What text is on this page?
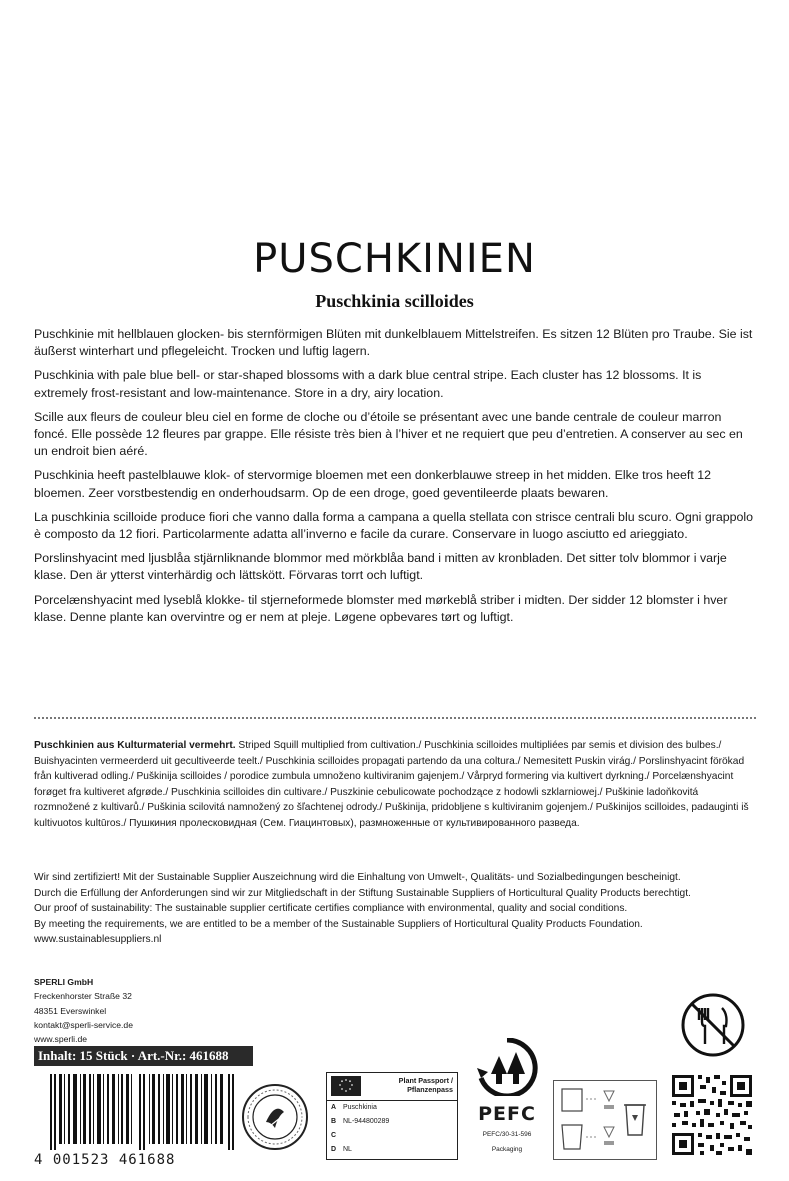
PUSCHKINIEN
Puschkinia scilloides

Puschkinie mit hellblauen glocken- bis sternförmigen Blüten mit dunkelblauem Mittelstreifen. Es sitzen 12 Blüten pro Traube. Sie ist äußerst winterhart und pflegeleicht. Trocken und luftig lagern.

Puschkinia with pale blue bell- or star-shaped blossoms with a dark blue central stripe. Each cluster has 12 blossoms. It is extremely frost-resistant and low-maintenance. Store in a dry, airy location.

Scille aux fleurs de couleur bleu ciel en forme de cloche ou d’étoile se présentant avec une bande centrale de couleur marron foncé. Elle possède 12 fleures par grappe. Elle résiste très bien à l’hiver et ne requiert que peu d’entretien. A conserver au sec en un endroit bien aéré.

Puschkinia heeft pastelblauwe klok- of stervormige bloemen met een donkerblauwe streep in het midden. Elke tros heeft 12 bloemen. Zeer vorstbestendig en onderhoudsarm. Op de een droge, goed geventileerde plaats bewaren.

La puschkinia scilloide produce fiori che vanno dalla forma a campana a quella stellata con strisce centrali blu scuro. Ogni grappolo è composto da 12 fiori. Particolarmente adatta all’inverno e facile da curare. Conservare in luogo asciutto ed arieggiato.

Porslinshyacint med ljusblåa stjärnliknande blommor med mörkblåa band i mitten av kronbladen. Det sitter tolv blommor i varje klase. Den är ytterst vinterhärdig och lättskött. Förvaras torrt och luftigt.

Porcelænshyacint med lyseblå klokke- til stjerneformede blomster med mørkeblå striber i midten. Der sidder 12 blomster i hver klase. Denne plante kan overvintre og er nem at pleje. Løgene opbevares tørt og luftigt.

Puschkinien aus Kulturmaterial vermehrt. Striped Squill multiplied from cultivation./ Puschkinia scilloides multipliées par semis et division des bulbes./ Buishyacinten vermeerderd uit gecultiveerde teelt./ Puschkinia scilloides propagati partendo da una coltura./ Nemesitett Puskin virág./ Porslinshyacint förökad från kultiverad odling./ Puškinija scilloides / porodice zumbula umnoženo kultiviranim gajenjem./ Vårpryd formering via kultivert dyrkning./ Porcelænshyacint forøget fra kultiveret afgrøde./ Puschkinia scilloides din cultivare./ Puszkinie cebulicowate pochodzące z hodowli szklarniowej./ Puškinie ladoňkovitá rozmnožené z kultivarů./ Puškinia scilovitá namnožený zo šľachtenej odrody./ Puškinija, pridobljene s kultiviranim gojenjem./ Puškinijos scilloides, padauginti iš kultivuotos kultūros./ Пушкиния пролесковидная (Сем. Гиацинтовых), размноженные от культивированного разведа.
Wir sind zertifiziert! Mit der Sustainable Supplier Auszeichnung wird die Einhaltung von Umwelt-, Qualitäts- und Sozialbedingungen bescheinigt.
Durch die Erfüllung der Anforderungen sind wir zur Mitgliedschaft in der Stiftung Sustainable Suppliers of Horticultural Quality Products berechtigt.
Our proof of sustainability: The sustainable supplier certificate certifies compliance with environmental, quality and social conditions.
By meeting the requirements, we are entitled to be a member of the Sustainable Suppliers of Horticultural Quality Products Foundation.
www.sustainablesuppliers.nl
SPERLI GmbH
Freckenhorster Straße 32
48351 Everswinkel
kontakt@sperli-service.de
www.sperli.de
Inhalt: 15 Stück · Art.-Nr.: 461688
4 001523 461688
Plant Passport /
Pflanzenpass
A Puschkinia
B NL-944800289
C
D NL
PEFC
PEFC/30-31-596
Packaging
